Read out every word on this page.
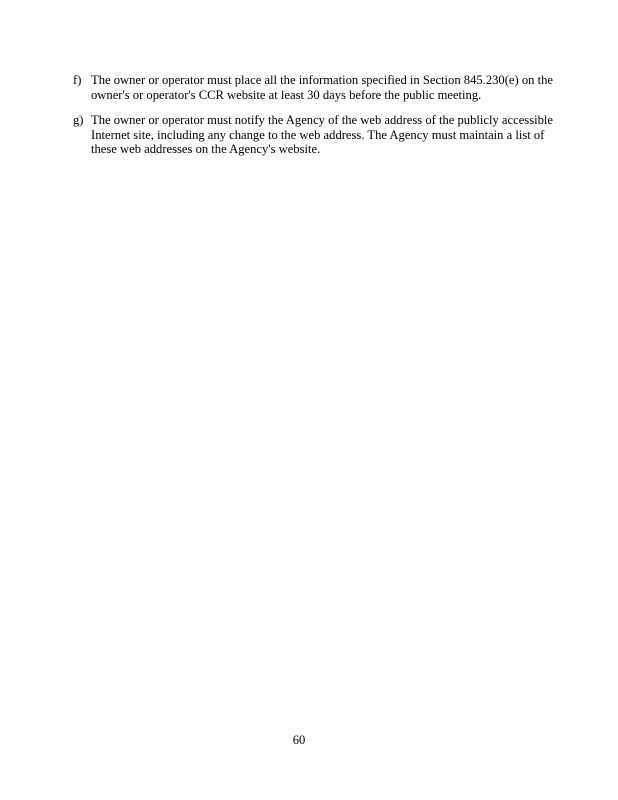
f) The owner or operator must place all the information specified in Section 845.230(e) on the
owner's or operator's CCR website at least 30 days before the public meeting.
g) The owner or operator must notify the Agency of the web address of the publicly accessible
Internet site, including any change to the web address. The Agency must maintain a list of
these web addresses on the Agency's website.
60
